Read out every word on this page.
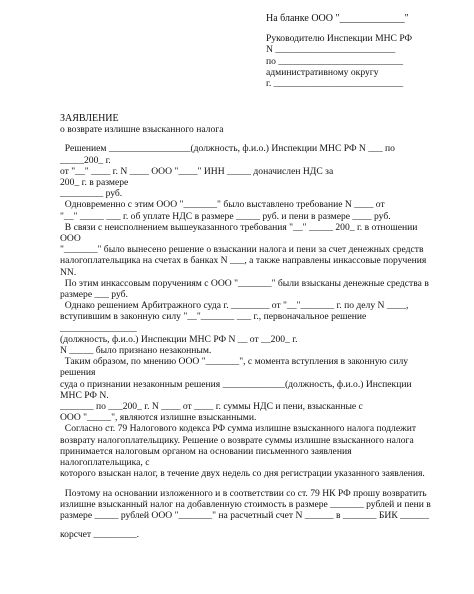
На бланке ООО "_____________"
Руководителю Инспекции МНС РФ
N _________________________
по __________________________
административному округу
г. ___________________________
ЗАЯВЛЕНИЕ
о возврате излишне взысканного налога
Решением _________________(должность, ф.и.о.) Инспекции МНС РФ N ___ по
_____200_ г.
от "__" ____ г. N ____ ООО "____" ИНН _____ доначислен НДС за
200_ г. в размере
_________ руб.
Одновременно с этим ООО "_______" было выставлено требование N ____ от
"__" _____ ___ г. об уплате НДС в размере _____ руб. и пени в размере ____ руб.
В связи с неисполнением вышеуказанного требования "__" _____ 200_ г. в отношении
ООО
"_______" было вынесено решение о взыскании налога и пени за счет денежных средств
налогоплательщика на счетах в банках N ___, а также направлены инкассовые поручения
NN.
По этим инкассовым поручениям с ООО "_______" были взысканы денежные средства в
размере ___ руб.
Однако решением Арбитражного суда г. ________ от "__"_______ г. по делу N ____,
вступившим в законную силу "__"_______ ___ г., первоначальное решение
________________
(должность, ф.и.о.) Инспекции МНС РФ N __ от __200_ г.
N _____ было признано незаконным.
Таким образом, по мнению ООО "_______", с момента вступления в законную силу
решения
суда о признании незаконным решения _____________(должность, ф.и.о.) Инспекции
МНС РФ N.
_______ по ___200_ г. N ____ от ____ г. суммы НДС и пени, взысканные с
ООО "_____", являются излишне взысканными.
Согласно ст. 79 Налогового кодекса РФ сумма излишне взысканного налога подлежит
возврату налогоплательщику. Решение о возврате суммы излишне взысканного налога
принимается налоговым органом на основании письменного заявления
налогоплательщика, с
которого взыскан налог, в течение двух недель со дня регистрации указанного заявления.
Поэтому на основании изложенного и в соответствии со ст. 79 НК РФ прошу возвратить
излишне взысканный налог на добавленную стоимость в размере _______ рублей и пени в
размере _____ рублей ООО "_______" на расчетный счет N ______ в _______ БИК ______
корсчет _________.
